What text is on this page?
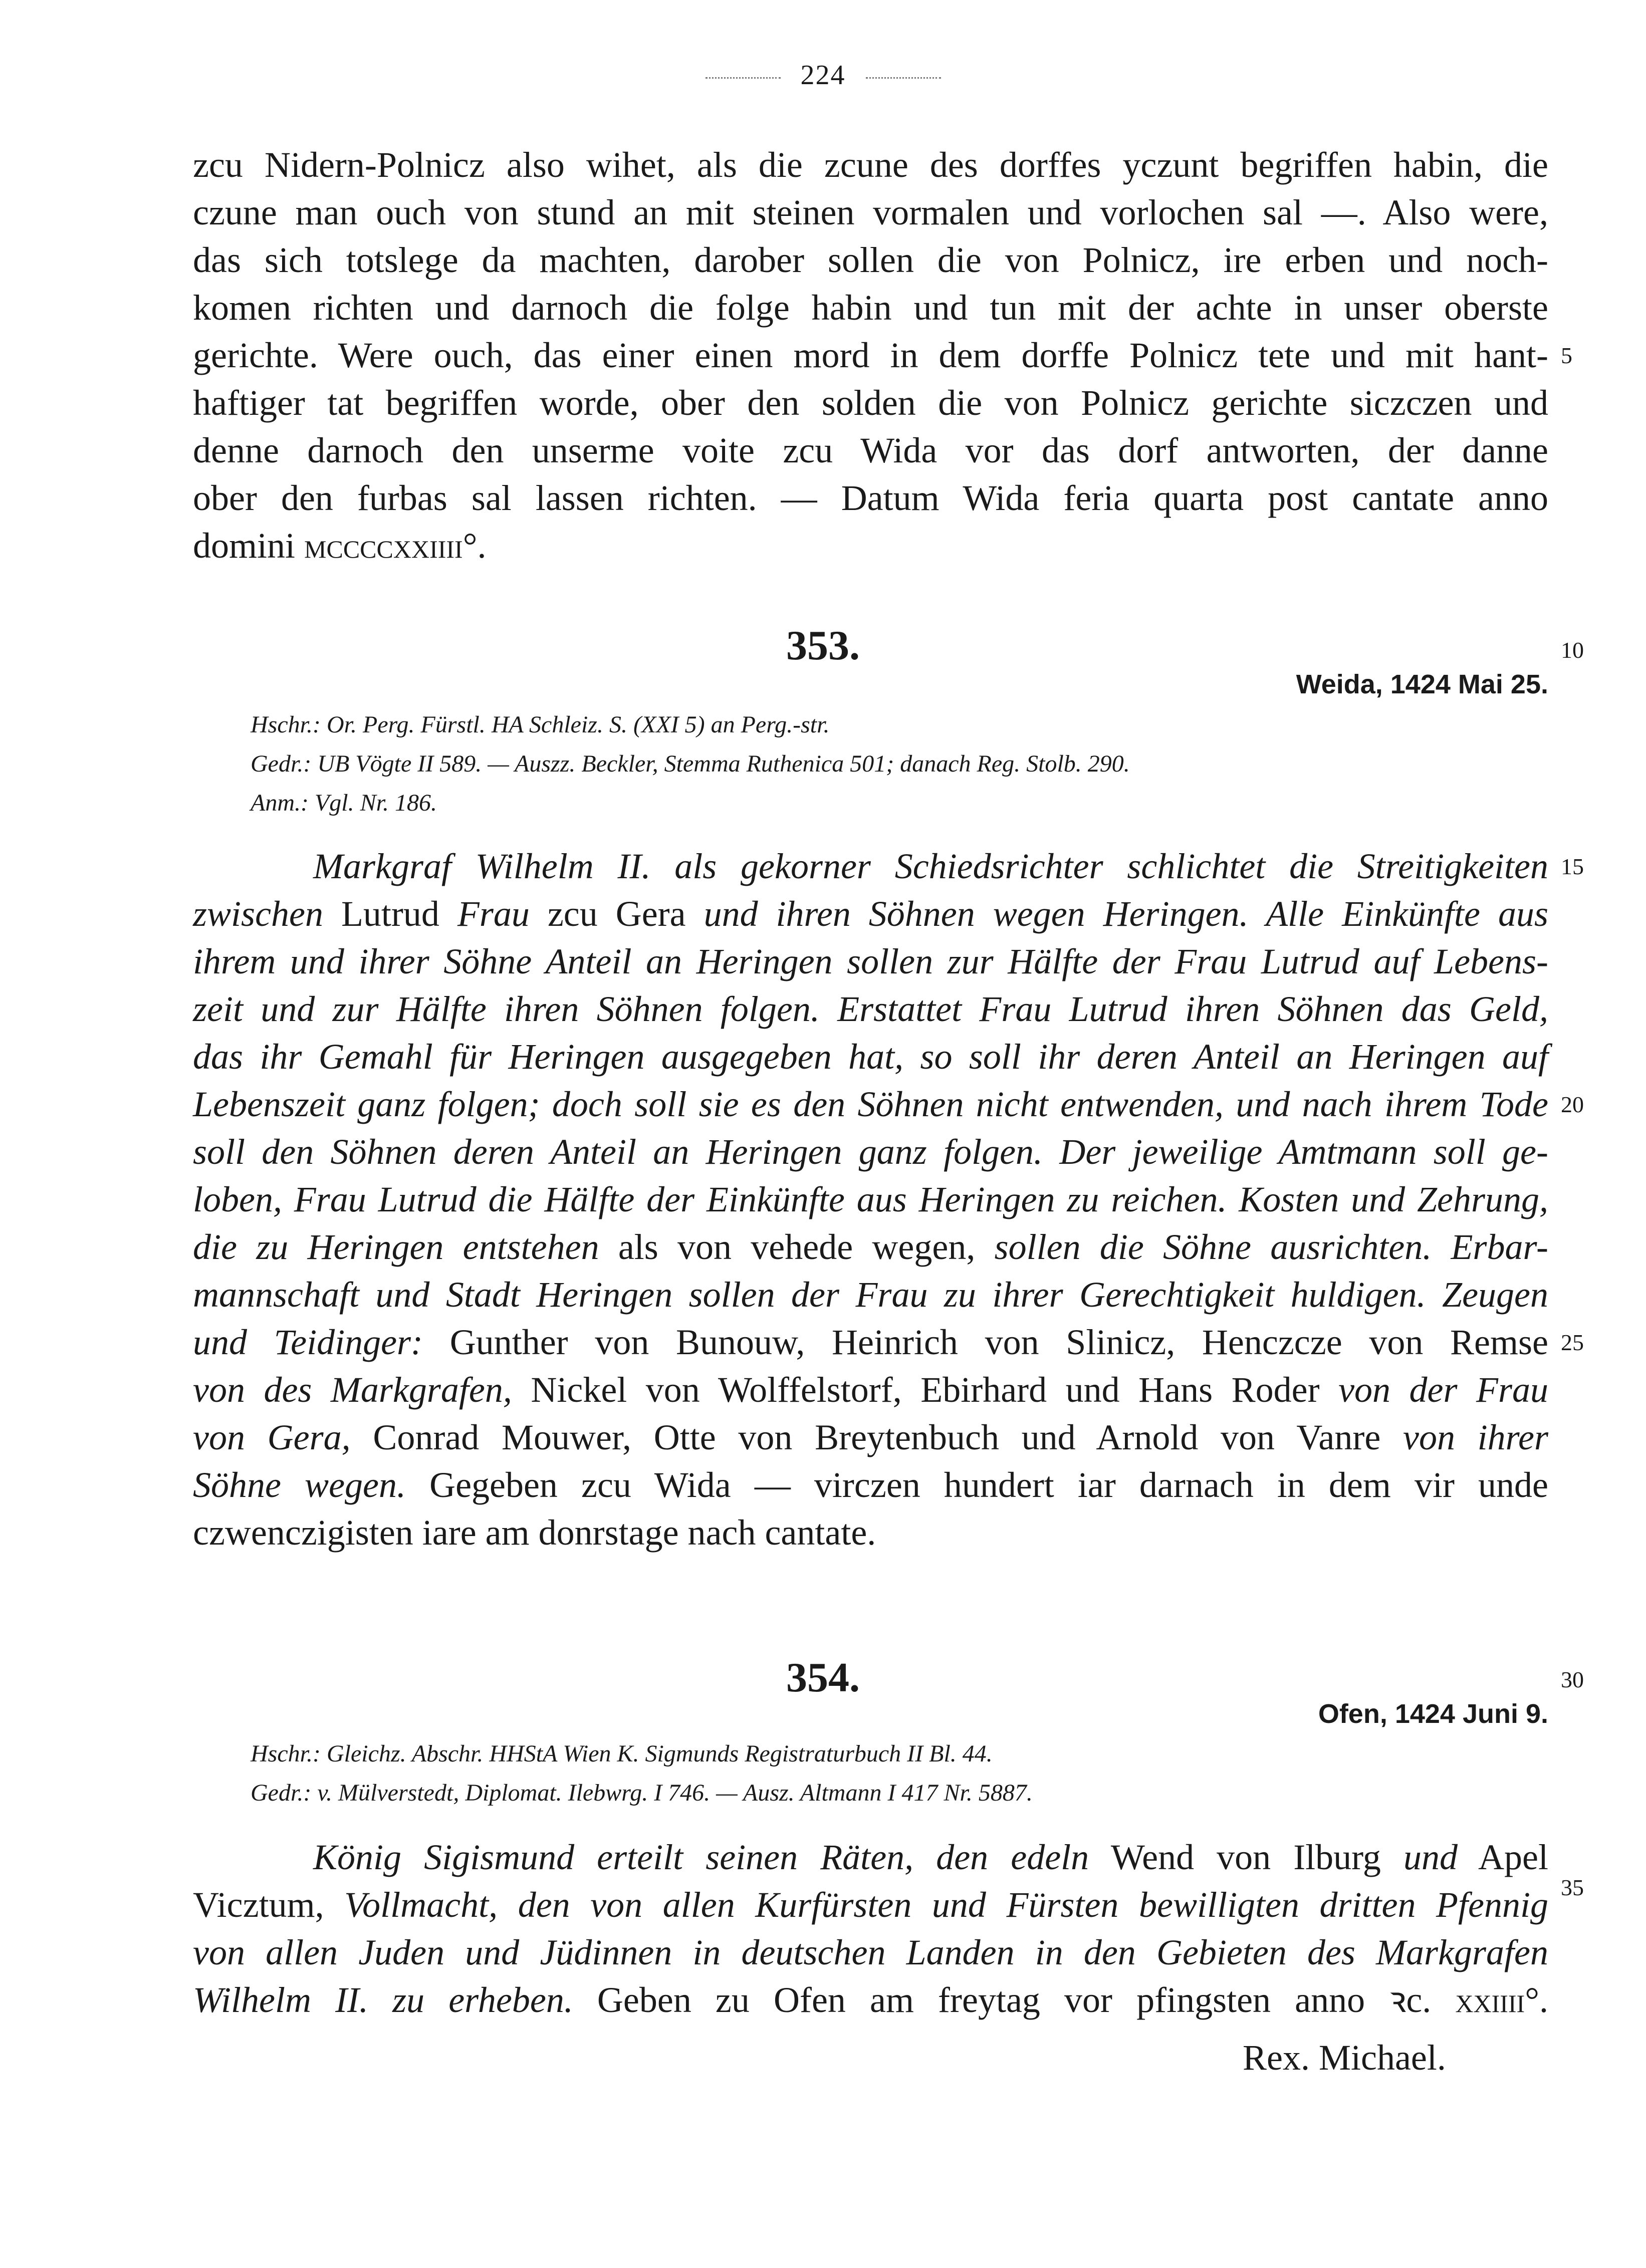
224
zcu Nidern-Polnicz also wihet, als die zcune des dorffes yczunt begriffen habin, die
czune man ouch von stund an mit steinen vormalen und vorlochen sal —. Also were,
das sich totslege da machten, darober sollen die von Polnicz, ire erben und noch-
komen richten und darnoch die folge habin und tun mit der achte in unser oberste
gerichte. Were ouch, das einer einen mord in dem dorffe Polnicz tete und mit hant-
haftiger tat begriffen worde, ober den solden die von Polnicz gerichte siczczen und
denne darnoch den unserme voite zcu Wida vor das dorf antworten, der danne
ober den furbas sal lassen richten. — Datum Wida feria quarta post cantate anno
domini mccccxxiiii°.
5
10
15
20
25
30
35
353.
Weida, 1424 Mai 25.
Hschr.: Or. Perg. Fürstl. HA Schleiz. S. (XXI 5) an Perg.-str.
Gedr.: UB Vögte II 589. — Auszz. Beckler, Stemma Ruthenica 501; danach Reg. Stolb. 290.
Anm.: Vgl. Nr. 186.
Markgraf Wilhelm II. als gekorner Schiedsrichter schlichtet die Streitigkeiten
zwischen Lutrud Frau zcu Gera und ihren Söhnen wegen Heringen. Alle Einkünfte aus
ihrem und ihrer Söhne Anteil an Heringen sollen zur Hälfte der Frau Lutrud auf Lebens-
zeit und zur Hälfte ihren Söhnen folgen. Erstattet Frau Lutrud ihren Söhnen das Geld,
das ihr Gemahl für Heringen ausgegeben hat, so soll ihr deren Anteil an Heringen auf
Lebenszeit ganz folgen; doch soll sie es den Söhnen nicht entwenden, und nach ihrem Tode
soll den Söhnen deren Anteil an Heringen ganz folgen. Der jeweilige Amtmann soll ge-
loben, Frau Lutrud die Hälfte der Einkünfte aus Heringen zu reichen. Kosten und Zehrung,
die zu Heringen entstehen als von vehede wegen, sollen die Söhne ausrichten. Erbar-
mannschaft und Stadt Heringen sollen der Frau zu ihrer Gerechtigkeit huldigen. Zeugen
und Teidinger: Gunther von Bunouw, Heinrich von Slinicz, Henczcze von Remse
von des Markgrafen, Nickel von Wolffelstorf, Ebirhard und Hans Roder von der Frau
von Gera, Conrad Mouwer, Otte von Breytenbuch und Arnold von Vanre von ihrer
Söhne wegen. Gegeben zcu Wida — virczen hundert iar darnach in dem vir unde
czwenczigisten iare am donrstage nach cantate.
354.
Ofen, 1424 Juni 9.
Hschr.: Gleichz. Abschr. HHStA Wien K. Sigmunds Registraturbuch II Bl. 44.
Gedr.: v. Mülverstedt, Diplomat. Ilebwrg. I 746. — Ausz. Altmann I 417 Nr. 5887.
König Sigismund erteilt seinen Räten, den edeln Wend von Ilburg und Apel
Vicztum, Vollmacht, den von allen Kurfürsten und Fürsten bewilligten dritten Pfennig
von allen Juden und Jüdinnen in deutschen Landen in den Gebieten des Markgrafen
Wilhelm II. zu erheben. Geben zu Ofen am freytag vor pfingsten anno ꝛc. xxiiii°.
Rex. Michael.
